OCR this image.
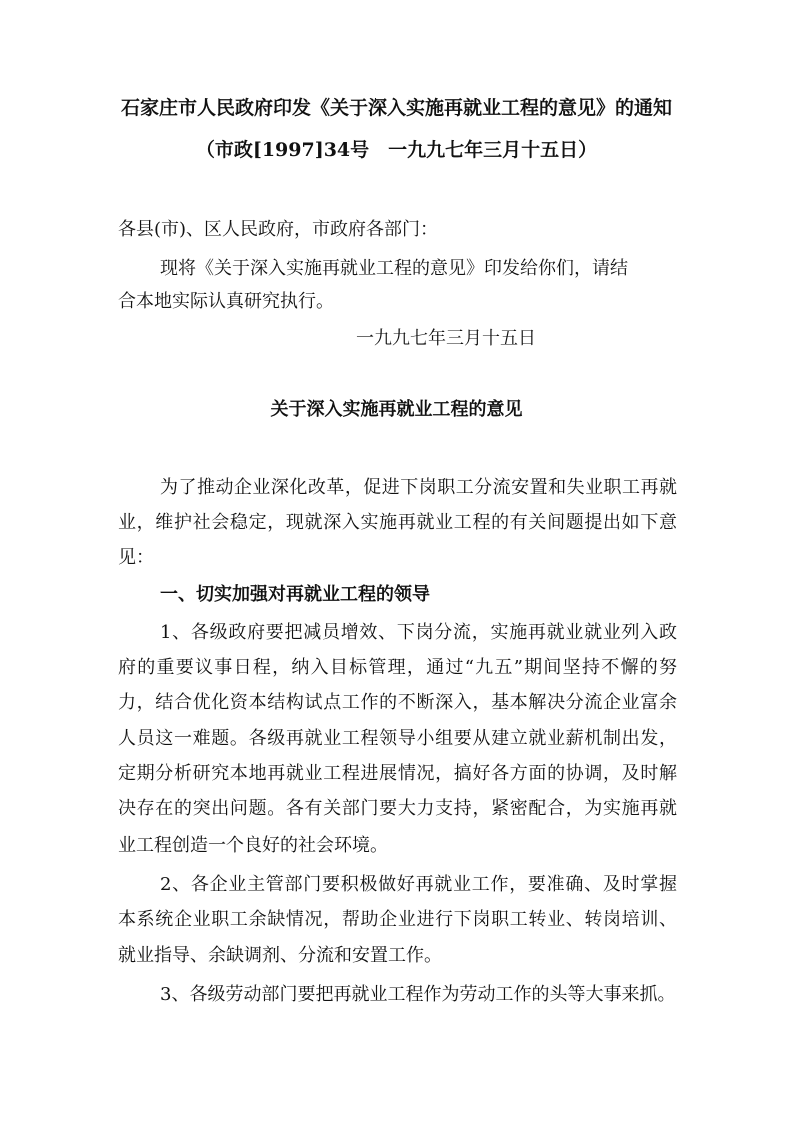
石家庄市人民政府印发《关于深入实施再就业工程的意见》的通知
（市政[1997]34号　一九九七年三月十五日）
各县(市)、区人民政府，市政府各部门：
现将《关于深入实施再就业工程的意见》印发给你们，请结
合本地实际认真研究执行。
一九九七年三月十五日
关于深入实施再就业工程的意见
为了推动企业深化改革，促进下岗职工分流安置和失业职工再就
业，维护社会稳定，现就深入实施再就业工程的有关间题提出如下意
见：
一、切实加强对再就业工程的领导
1、各级政府要把减员增效、下岗分流，实施再就业就业列入政
府的重要议事日程，纳入目标管理，通过“九五”期间坚持不懈的努
力，结合优化资本结构试点工作的不断深入，基本解决分流企业富余
人员这一难题。各级再就业工程领导小组要从建立就业薪机制出发，
定期分析研究本地再就业工程进展情况，搞好各方面的协调，及时解
决存在的突出问题。各有关部门要大力支持，紧密配合，为实施再就
业工程创造一个良好的社会环境。
2、各企业主管部门要积极做好再就业工作，要准确、及时掌握
本系统企业职工余缺情况，帮助企业进行下岗职工转业、转岗培训、
就业指导、余缺调剂、分流和安置工作。
3、各级劳动部门要把再就业工程作为劳动工作的头等大事来抓。
